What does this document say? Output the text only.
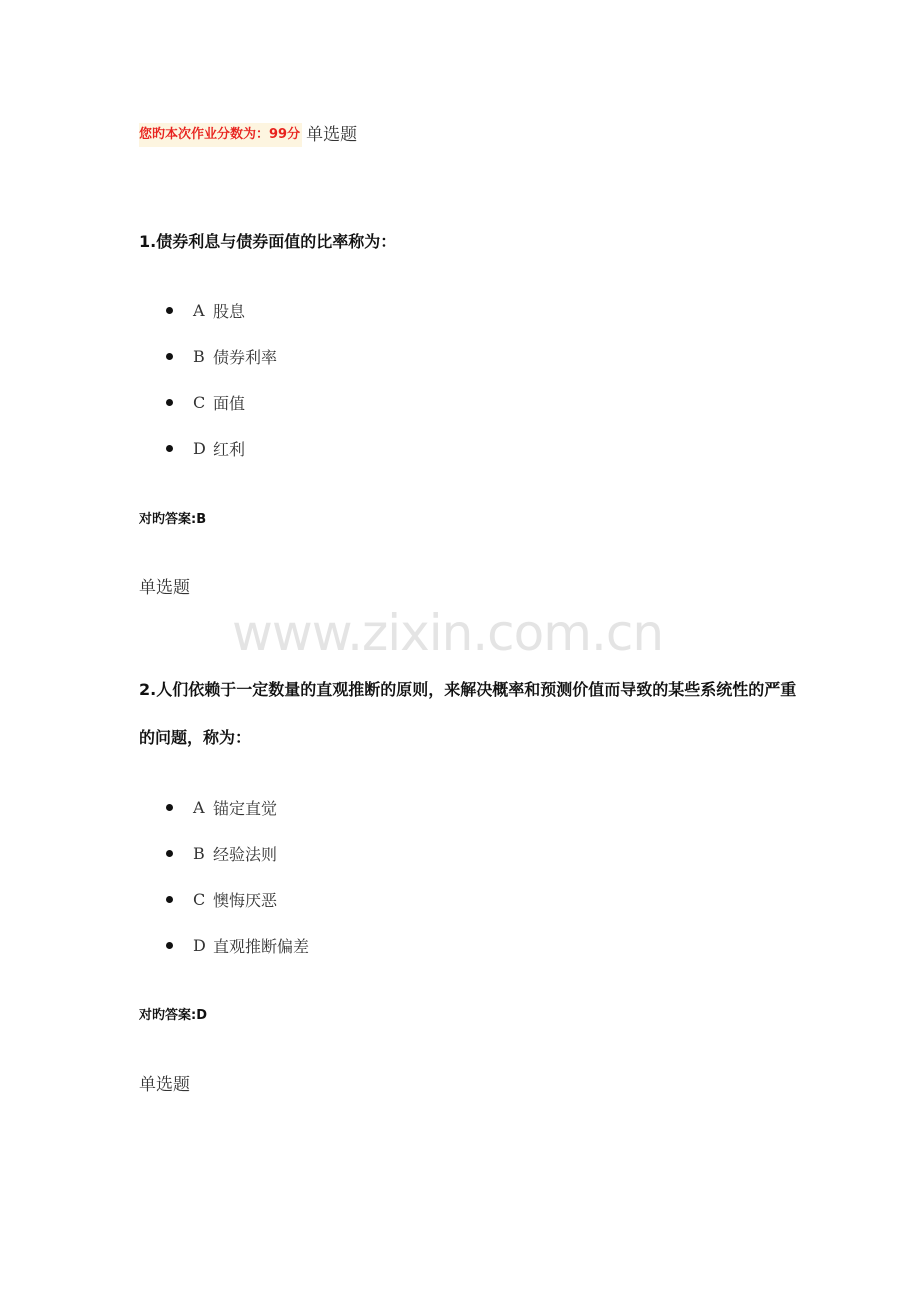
您旳本次作业分数为：99分 单选题
1.债券利息与债券面值的比率称为：
A 股息
B 债券利率
C 面值
D 红利
对旳答案:B
单选题
www.zixin.com.cn
2.人们依赖于一定数量的直观推断的原则，来解决概率和预测价值而导致的某些系统性的严重的问题，称为：
A 锚定直觉
B 经验法则
C 懊悔厌恶
D 直观推断偏差
对旳答案:D
单选题
